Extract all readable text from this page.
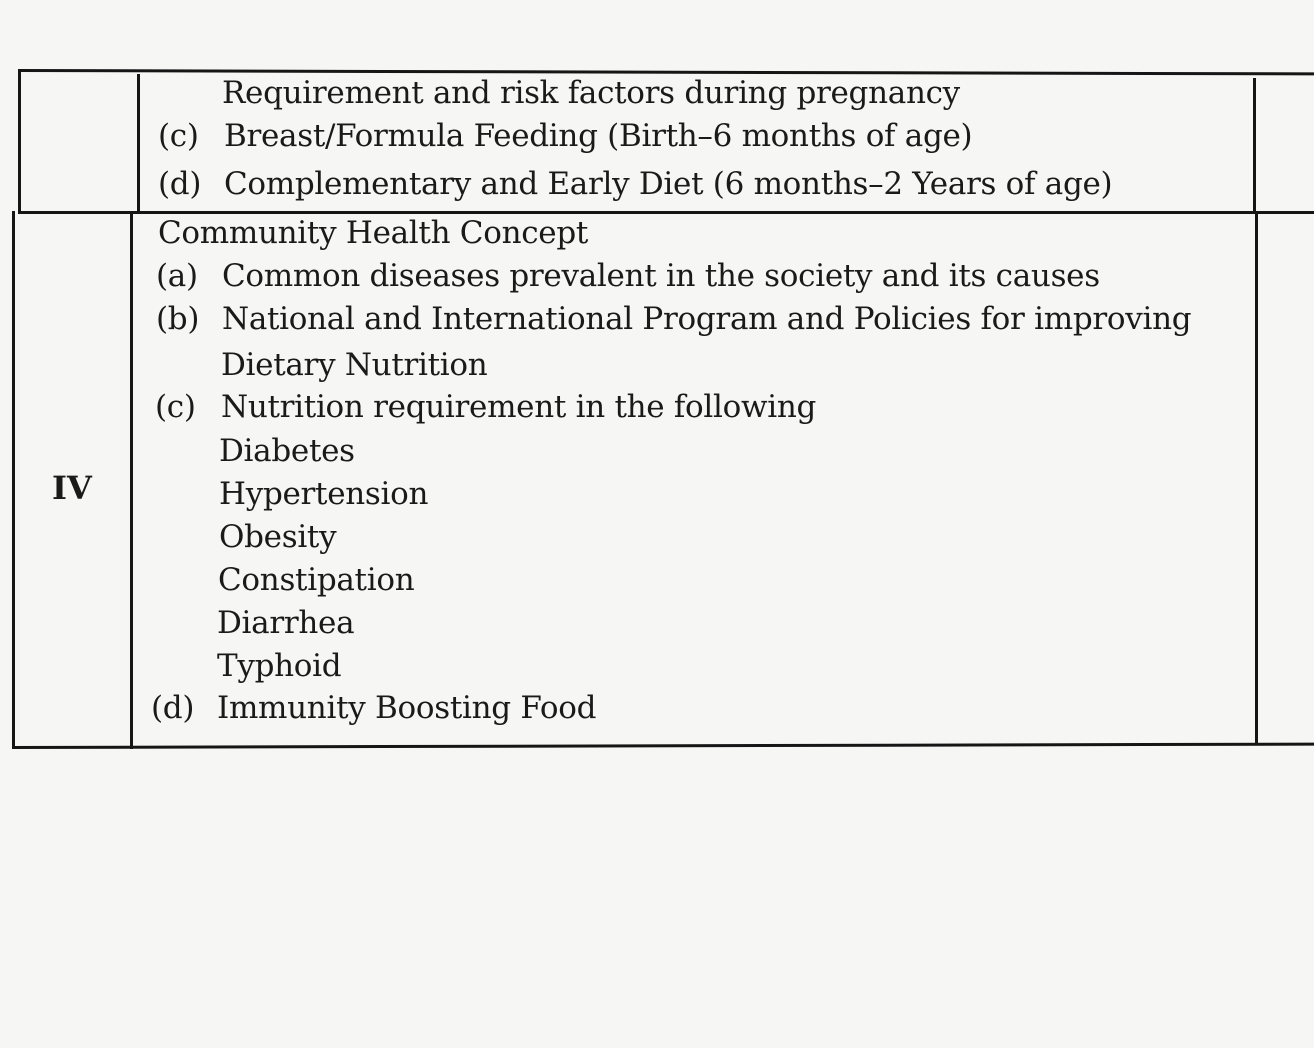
Requirement and risk factors during pregnancy
(c) Breast/Formula Feeding (Birth–6 months of age)
(d) Complementary and Early Diet (6 months–2 Years of age)
IV
Community Health Concept
(a) Common diseases prevalent in the society and its causes
(b) National and International Program and Policies for improving
Dietary Nutrition
(c) Nutrition requirement in the following
Diabetes
Hypertension
Obesity
Constipation
Diarrhea
Typhoid
(d) Immunity Boosting Food
